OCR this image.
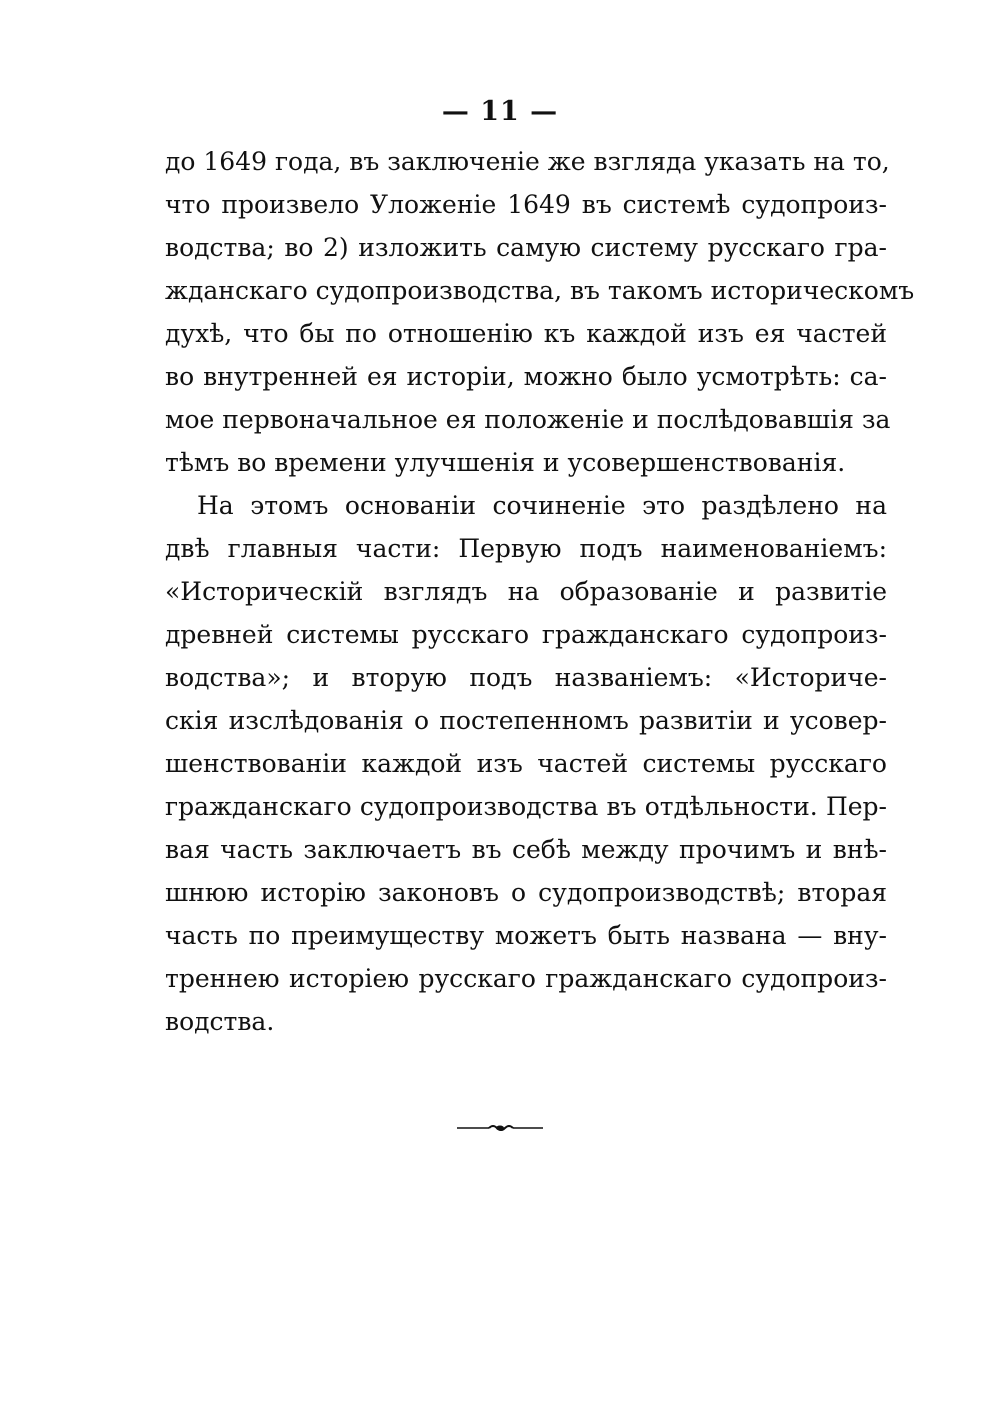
— 11 —
до 1649 года, въ заключеніе же взгляда указать на то,
что произвело Уложеніе 1649 въ системѣ судопроиз-
водства; во 2) изложить самую систему русскаго гра-
жданскаго судопроизводства, въ такомъ историческомъ
духѣ, что бы по отношенію къ каждой изъ ея частей
во внутренней ея исторіи, можно было усмотрѣть: са-
мое первоначальное ея положеніе и послѣдовавшія за
тѣмъ во времени улучшенія и усовершенствованія.
На этомъ основаніи сочиненіе это раздѣлено на
двѣ главныя части: Первую подъ наименованіемъ:
«Историческій взглядъ на образованіе и развитіе
древней системы русскаго гражданскаго судопроиз-
водства»; и вторую подъ названіемъ: «Историче-
скія изслѣдованія о постепенномъ развитіи и усовер-
шенствованіи каждой изъ частей системы русскаго
гражданскаго судопроизводства въ отдѣльности. Пер-
вая часть заключаетъ въ себѣ между прочимъ и внѣ-
шнюю исторію законовъ о судопроизводствѣ; вторая
часть по преимуществу можетъ быть названа — вну-
треннею исторіею русскаго гражданскаго судопроиз-
водства.
